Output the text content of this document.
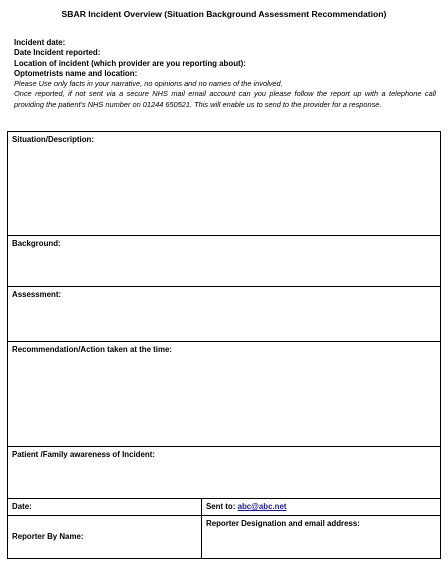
SBAR Incident Overview (Situation Background Assessment Recommendation)
Incident date:
Date Incident reported:
Location of incident (which provider are you reporting about):
Optometrists name and location:
Please Use only facts in your narrative, no opinions and no names of the involved.
Once reported, if not sent via a secure NHS mail email account can you please follow the report up with a telephone call providing the patient's NHS number on 01244 650521. This will enable us to send to the provider for a response.
Situation/Description:	
Background:	
Assessment:	
Recommendation/Action taken at the time:	
Patient /Family awareness of Incident:	
Date:	Sent to: abc@abc.net
Reporter By Name:	Reporter Designation and email address:
